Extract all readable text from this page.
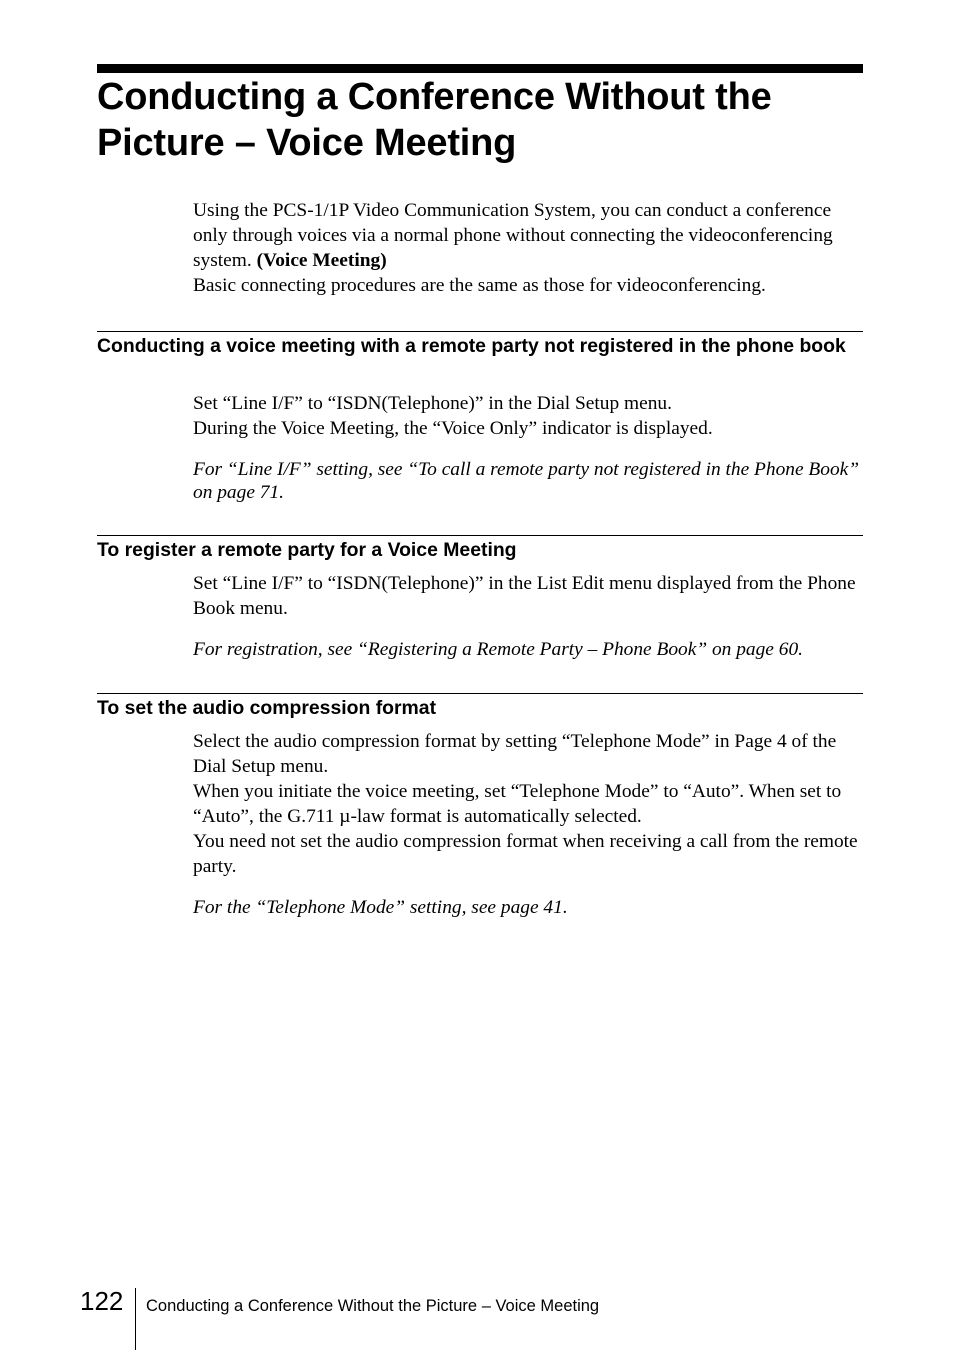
Conducting a Conference Without the Picture – Voice Meeting

Using the PCS-1/1P Video Communication System, you can conduct a conference only through voices via a normal phone without connecting the videoconferencing system. (Voice Meeting)
Basic connecting procedures are the same as those for videoconferencing.

Conducting a voice meeting with a remote party not registered in the phone book

Set “Line I/F” to “ISDN(Telephone)” in the Dial Setup menu.
During the Voice Meeting, the “Voice Only” indicator is displayed.

For “Line I/F” setting, see “To call a remote party not registered in the Phone Book” on page 71.

To register a remote party for a Voice Meeting

Set “Line I/F” to “ISDN(Telephone)” in the List Edit menu displayed from the Phone Book menu.

For registration, see “Registering a Remote Party – Phone Book” on page 60.

To set the audio compression format

Select the audio compression format by setting “Telephone Mode” in Page 4 of the Dial Setup menu.
When you initiate the voice meeting, set “Telephone Mode” to “Auto”. When set to “Auto”, the G.711 µ-law format is automatically selected.
You need not set the audio compression format when receiving a call from the remote party.

For the “Telephone Mode” setting, see page 41.

122 Conducting a Conference Without the Picture – Voice Meeting
